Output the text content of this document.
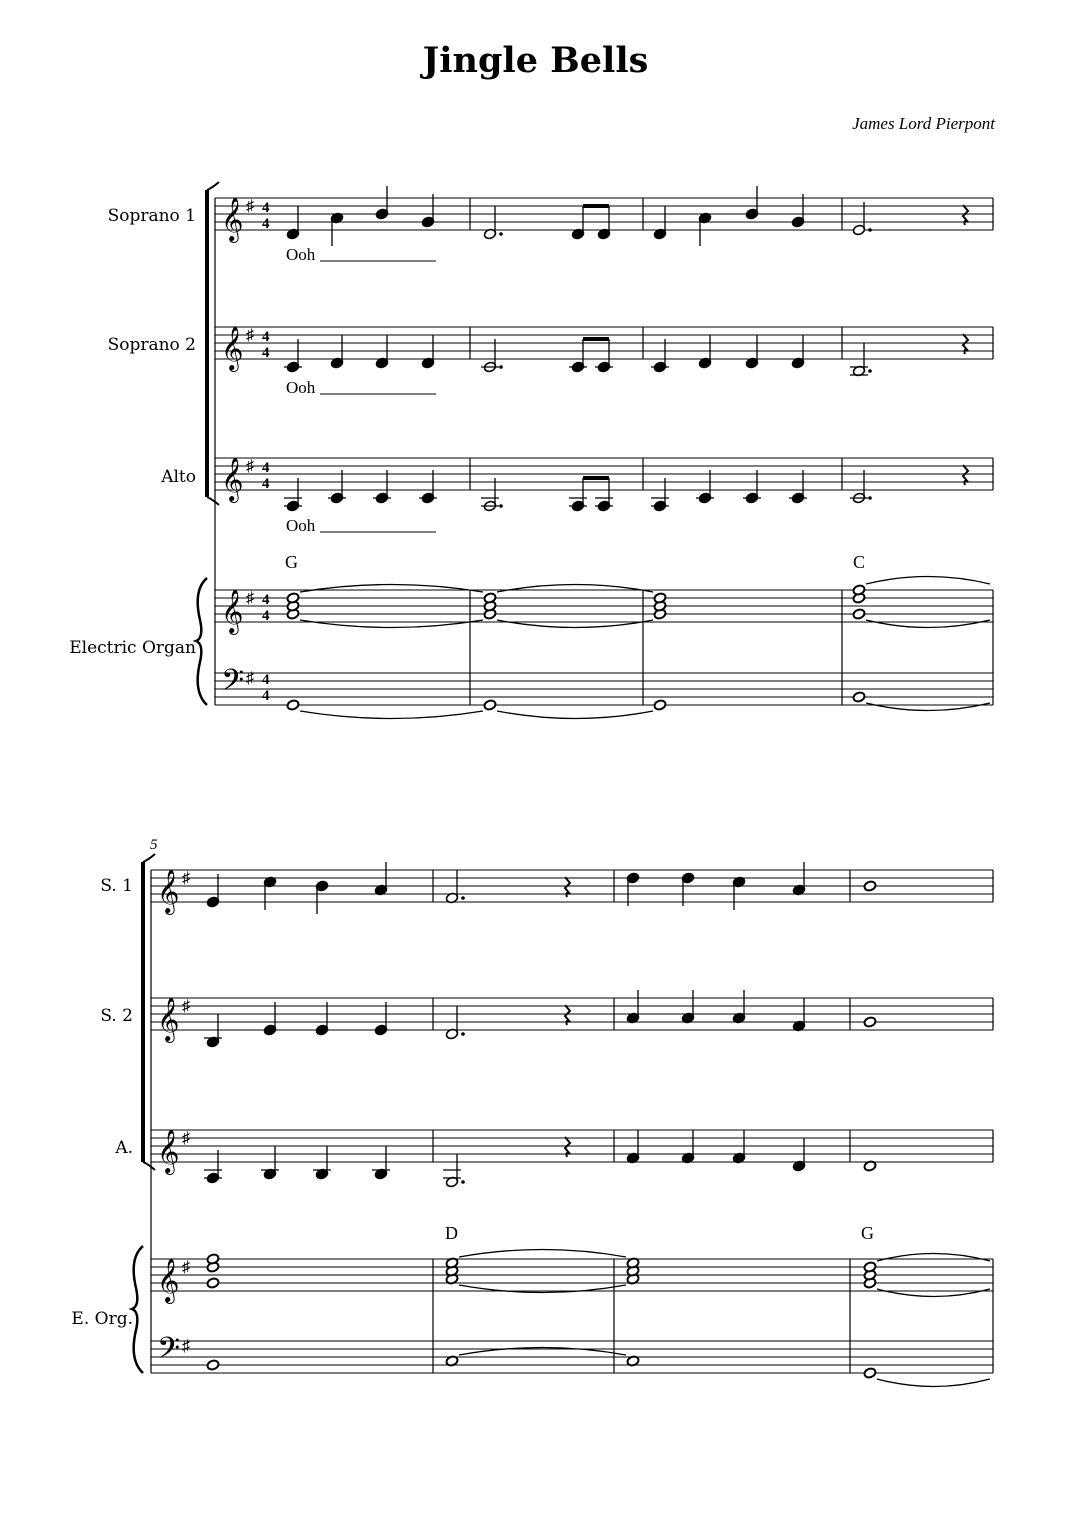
Jingle Bells
James Lord Pierpont
𝄞
𝄞
𝄞
𝄞
𝄢
♯
♯
♯
♯
♯
4
4
4
4
4
4
4
4
4
4
Soprano 1
Soprano 2
Alto
Electric Organ
Ooh
Ooh
Ooh
G	C
𝄞
𝄞
𝄞
𝄞
𝄢
♯
♯
♯
♯
♯
5
S. 1
S. 2
A.
E. Org.
D	G
